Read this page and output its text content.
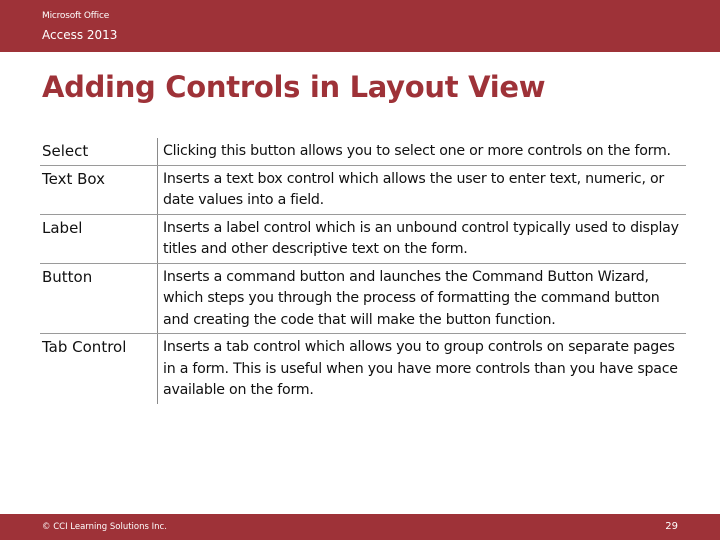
Microsoft Office
Access 2013
Adding Controls in Layout View
Select	Clicking this button allows you to select one or more controls on the form.
Text Box	Inserts a text box control which allows the user to enter text, numeric, or date values into a field.
Label	Inserts a label control which is an unbound control typically used to display titles and other descriptive text on the form.
Button	Inserts a command button and launches the Command Button Wizard, which steps you through the process of formatting the command button and creating the code that will make the button function.
Tab Control	Inserts a tab control which allows you to group controls on separate pages in a form. This is useful when you have more controls than you have space available on the form.
© CCI Learning Solutions Inc.	29
